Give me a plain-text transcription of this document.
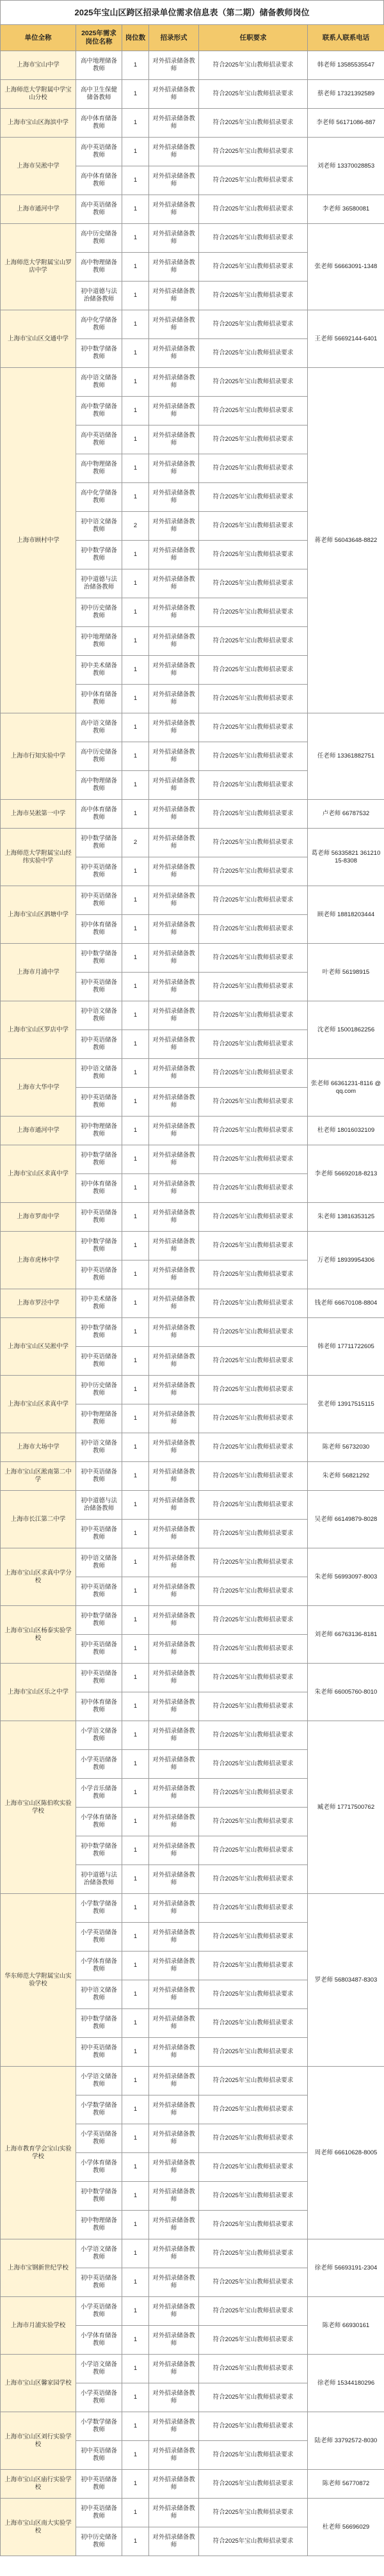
2025年宝山区跨区招录单位需求信息表（第二期）储备教师岗位
单位全称	2025年需求岗位名称	岗位数	招录形式	任职要求	联系人联系电话
上海市宝山中学	高中地理储备教师	1	对外招录储备教师	符合2025年宝山教师招录要求	韩老师 13585535547
上海师范大学附属中学宝山分校	高中卫生保健储备教师	1	对外招录储备教师	符合2025年宝山教师招录要求	蔡老师 17321392589
上海市宝山区海滨中学	高中体育储备教师	1	对外招录储备教师	符合2025年宝山教师招录要求	李老师 56171086-887
上海市吴淞中学	高中英语储备教师	1	对外招录储备教师	符合2025年宝山教师招录要求	刘老师 13370028853
	高中体育储备教师	1	对外招录储备教师	符合2025年宝山教师招录要求	
上海市通河中学	高中英语储备教师	1	对外招录储备教师	符合2025年宝山教师招录要求	李老师 36580081
上海师范大学附属宝山罗店中学	高中历史储备教师	1	对外招录储备教师	符合2025年宝山教师招录要求	张老师 56663091-1348
	高中物理储备教师	1	对外招录储备教师	符合2025年宝山教师招录要求	
	初中道德与法治储备教师	1	对外招录储备教师	符合2025年宝山教师招录要求	
上海市宝山区交通中学	高中化学储备教师	1	对外招录储备教师	符合2025年宝山教师招录要求	王老师 56692144-6401
	初中数学储备教师	1	对外招录储备教师	符合2025年宝山教师招录要求	
上海市顾村中学	高中语文储备教师	1	对外招录储备教师	符合2025年宝山教师招录要求	蒋老师 56043648-8822
	高中数学储备教师	1	对外招录储备教师	符合2025年宝山教师招录要求	
	高中英语储备教师	1	对外招录储备教师	符合2025年宝山教师招录要求	
	高中物理储备教师	1	对外招录储备教师	符合2025年宝山教师招录要求	
	高中化学储备教师	1	对外招录储备教师	符合2025年宝山教师招录要求	
	初中语文储备教师	2	对外招录储备教师	符合2025年宝山教师招录要求	
	初中数学储备教师	1	对外招录储备教师	符合2025年宝山教师招录要求	
	初中道德与法治储备教师	1	对外招录储备教师	符合2025年宝山教师招录要求	
	初中历史储备教师	1	对外招录储备教师	符合2025年宝山教师招录要求	
	初中地理储备教师	1	对外招录储备教师	符合2025年宝山教师招录要求	
	初中美术储备教师	1	对外招录储备教师	符合2025年宝山教师招录要求	
	初中体育储备教师	1	对外招录储备教师	符合2025年宝山教师招录要求	
上海市行知实验中学	高中语文储备教师	1	对外招录储备教师	符合2025年宝山教师招录要求	任老师 13361882751
	高中历史储备教师	1	对外招录储备教师	符合2025年宝山教师招录要求	
	高中物理储备教师	1	对外招录储备教师	符合2025年宝山教师招录要求	
上海市吴淞第一中学	高中体育储备教师	1	对外招录储备教师	符合2025年宝山教师招录要求	卢老师 66787532
上海师范大学附属宝山经纬实验中学	初中数学储备教师	2	对外招录储备教师	符合2025年宝山教师招录要求	葛老师 56335821 36121015-8308
	初中英语储备教师	1	对外招录储备教师	符合2025年宝山教师招录要求	
上海市宝山区泗塘中学	初中英语储备教师	1	对外招录储备教师	符合2025年宝山教师招录要求	顾老师 18818203444
	初中体育储备教师	1	对外招录储备教师	符合2025年宝山教师招录要求	
上海市月浦中学	初中数学储备教师	1	对外招录储备教师	符合2025年宝山教师招录要求	叶老师 56198915
	初中英语储备教师	1	对外招录储备教师	符合2025年宝山教师招录要求	
上海市宝山区罗店中学	初中语文储备教师	1	对外招录储备教师	符合2025年宝山教师招录要求	沈老师 15001862256
	初中英语储备教师	1	对外招录储备教师	符合2025年宝山教师招录要求	
上海市大华中学	初中语文储备教师	1	对外招录储备教师	符合2025年宝山教师招录要求	张老师 66361231-8116 @qq.com
	初中英语储备教师	1	对外招录储备教师	符合2025年宝山教师招录要求	
上海市通河中学	初中物理储备教师	1	对外招录储备教师	符合2025年宝山教师招录要求	杜老师 18016032109
上海市宝山区求真中学	初中数学储备教师	1	对外招录储备教师	符合2025年宝山教师招录要求	李老师 56692018-8213
	初中体育储备教师	1	对外招录储备教师	符合2025年宝山教师招录要求	
上海市罗南中学	初中英语储备教师	1	对外招录储备教师	符合2025年宝山教师招录要求	朱老师 13816353125
上海市虎林中学	初中数学储备教师	1	对外招录储备教师	符合2025年宝山教师招录要求	万老师 18939954306
	初中英语储备教师	1	对外招录储备教师	符合2025年宝山教师招录要求	
上海市罗泾中学	初中美术储备教师	1	对外招录储备教师	符合2025年宝山教师招录要求	钱老师 66670108-8804
上海市宝山区吴淞中学	初中数学储备教师	1	对外招录储备教师	符合2025年宝山教师招录要求	韩老师 17711722605
	初中英语储备教师	1	对外招录储备教师	符合2025年宝山教师招录要求	
上海市宝山区求真中学	初中历史储备教师	1	对外招录储备教师	符合2025年宝山教师招录要求	张老师 13917515115
	初中物理储备教师	1	对外招录储备教师	符合2025年宝山教师招录要求	
上海市大场中学	初中语文储备教师	1	对外招录储备教师	符合2025年宝山教师招录要求	陈老师 56732030
上海市宝山区淞南第二中学	初中英语储备教师	1	对外招录储备教师	符合2025年宝山教师招录要求	朱老师 56821292
上海市长江第二中学	初中道德与法治储备教师	1	对外招录储备教师	符合2025年宝山教师招录要求	吴老师 66149879-8028
	初中英语储备教师	1	对外招录储备教师	符合2025年宝山教师招录要求	
上海市宝山区求真中学分校	初中语文储备教师	1	对外招录储备教师	符合2025年宝山教师招录要求	朱老师 56993097-8003
	初中英语储备教师	1	对外招录储备教师	符合2025年宝山教师招录要求	
上海市宝山区杨泰实验学校	初中数学储备教师	1	对外招录储备教师	符合2025年宝山教师招录要求	刘老师 66763136-8181
	初中英语储备教师	1	对外招录储备教师	符合2025年宝山教师招录要求	
上海市宝山区乐之中学	初中英语储备教师	1	对外招录储备教师	符合2025年宝山教师招录要求	朱老师 66005760-8010
	初中体育储备教师	1	对外招录储备教师	符合2025年宝山教师招录要求	
上海市宝山区陈伯吹实验学校	小学语文储备教师	1	对外招录储备教师	符合2025年宝山教师招录要求	臧老师 17717500762
	小学英语储备教师	1	对外招录储备教师	符合2025年宝山教师招录要求	
	小学音乐储备教师	1	对外招录储备教师	符合2025年宝山教师招录要求	
	小学体育储备教师	1	对外招录储备教师	符合2025年宝山教师招录要求	
	初中数学储备教师	1	对外招录储备教师	符合2025年宝山教师招录要求	
	初中道德与法治储备教师	1	对外招录储备教师	符合2025年宝山教师招录要求	
华东师范大学附属宝山实验学校	小学数学储备教师	1	对外招录储备教师	符合2025年宝山教师招录要求	罗老师 56803487-8303
	小学英语储备教师	1	对外招录储备教师	符合2025年宝山教师招录要求	
	小学体育储备教师	1	对外招录储备教师	符合2025年宝山教师招录要求	
	初中语文储备教师	1	对外招录储备教师	符合2025年宝山教师招录要求	
	初中数学储备教师	1	对外招录储备教师	符合2025年宝山教师招录要求	
	初中英语储备教师	1	对外招录储备教师	符合2025年宝山教师招录要求	
上海市教育学会宝山实验学校	小学语文储备教师	1	对外招录储备教师	符合2025年宝山教师招录要求	周老师 66610628-8005
	小学数学储备教师	1	对外招录储备教师	符合2025年宝山教师招录要求	
	小学英语储备教师	1	对外招录储备教师	符合2025年宝山教师招录要求	
	小学体育储备教师	1	对外招录储备教师	符合2025年宝山教师招录要求	
	初中数学储备教师	1	对外招录储备教师	符合2025年宝山教师招录要求	
	初中物理储备教师	1	对外招录储备教师	符合2025年宝山教师招录要求	
上海市宝钢新世纪学校	小学语文储备教师	1	对外招录储备教师	符合2025年宝山教师招录要求	徐老师 56693191-2304
	初中英语储备教师	1	对外招录储备教师	符合2025年宝山教师招录要求	
上海市月浦实验学校	小学英语储备教师	1	对外招录储备教师	符合2025年宝山教师招录要求	陈老师 66930161
	小学体育储备教师	1	对外招录储备教师	符合2025年宝山教师招录要求	
上海市宝山区馨家园学校	小学语文储备教师	1	对外招录储备教师	符合2025年宝山教师招录要求	徐老师 15344180296
	小学英语储备教师	1	对外招录储备教师	符合2025年宝山教师招录要求	
上海市宝山区刘行实验学校	小学数学储备教师	1	对外招录储备教师	符合2025年宝山教师招录要求	陆老师 33792572-8030
	初中英语储备教师	1	对外招录储备教师	符合2025年宝山教师招录要求	
上海市宝山区庙行实验学校	初中英语储备教师	1	对外招录储备教师	符合2025年宝山教师招录要求	陈老师 56770872
上海市宝山区南大实验学校	初中英语储备教师	1	对外招录储备教师	符合2025年宝山教师招录要求	杜老师 56696029
	初中历史储备教师	1	对外招录储备教师	符合2025年宝山教师招录要求	
